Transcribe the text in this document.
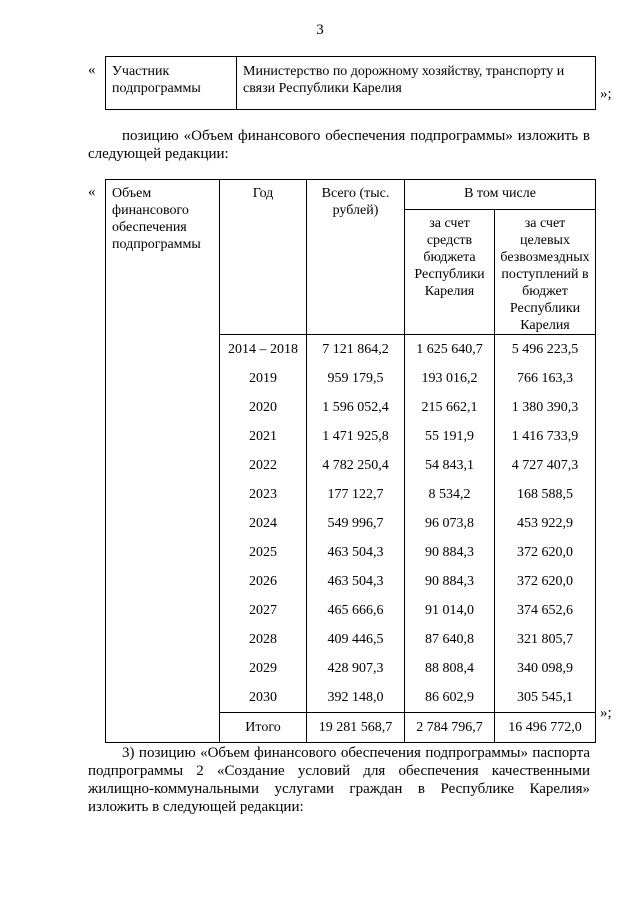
3
« Участник подпрограммы	Министерство по дорожному хозяйству, транспорту и связи Республики Карелия	»;
позицию «Объем финансового обеспечения подпрограммы» изложить в следующей редакции:
« Объем финансового обеспечения подпрограммы	Год	Всего (тыс. рублей)	В том числе	
			за счет средств бюджета Республики Карелия	за счет целевых безвозмездных поступлений в бюджет Республики Карелия
	2014 – 2018	7 121 864,2	1 625 640,7	5 496 223,5
	2019	959 179,5	193 016,2	766 163,3
	2020	1 596 052,4	215 662,1	1 380 390,3
	2021	1 471 925,8	55 191,9	1 416 733,9
	2022	4 782 250,4	54 843,1	4 727 407,3
	2023	177 122,7	8 534,2	168 588,5
	2024	549 996,7	96 073,8	453 922,9
	2025	463 504,3	90 884,3	372 620,0
	2026	463 504,3	90 884,3	372 620,0
	2027	465 666,6	91 014,0	374 652,6
	2028	409 446,5	87 640,8	321 805,7
	2029	428 907,3	88 808,4	340 098,9
	2030	392 148,0	86 602,9	305 545,1
	Итого	19 281 568,7	2 784 796,7	16 496 772,0
»;
3) позицию «Объем финансового обеспечения подпрограммы» паспорта подпрограммы 2 «Создание условий для обеспечения качественными жилищно-коммунальными услугами граждан в Республике Карелия» изложить в следующей редакции:
